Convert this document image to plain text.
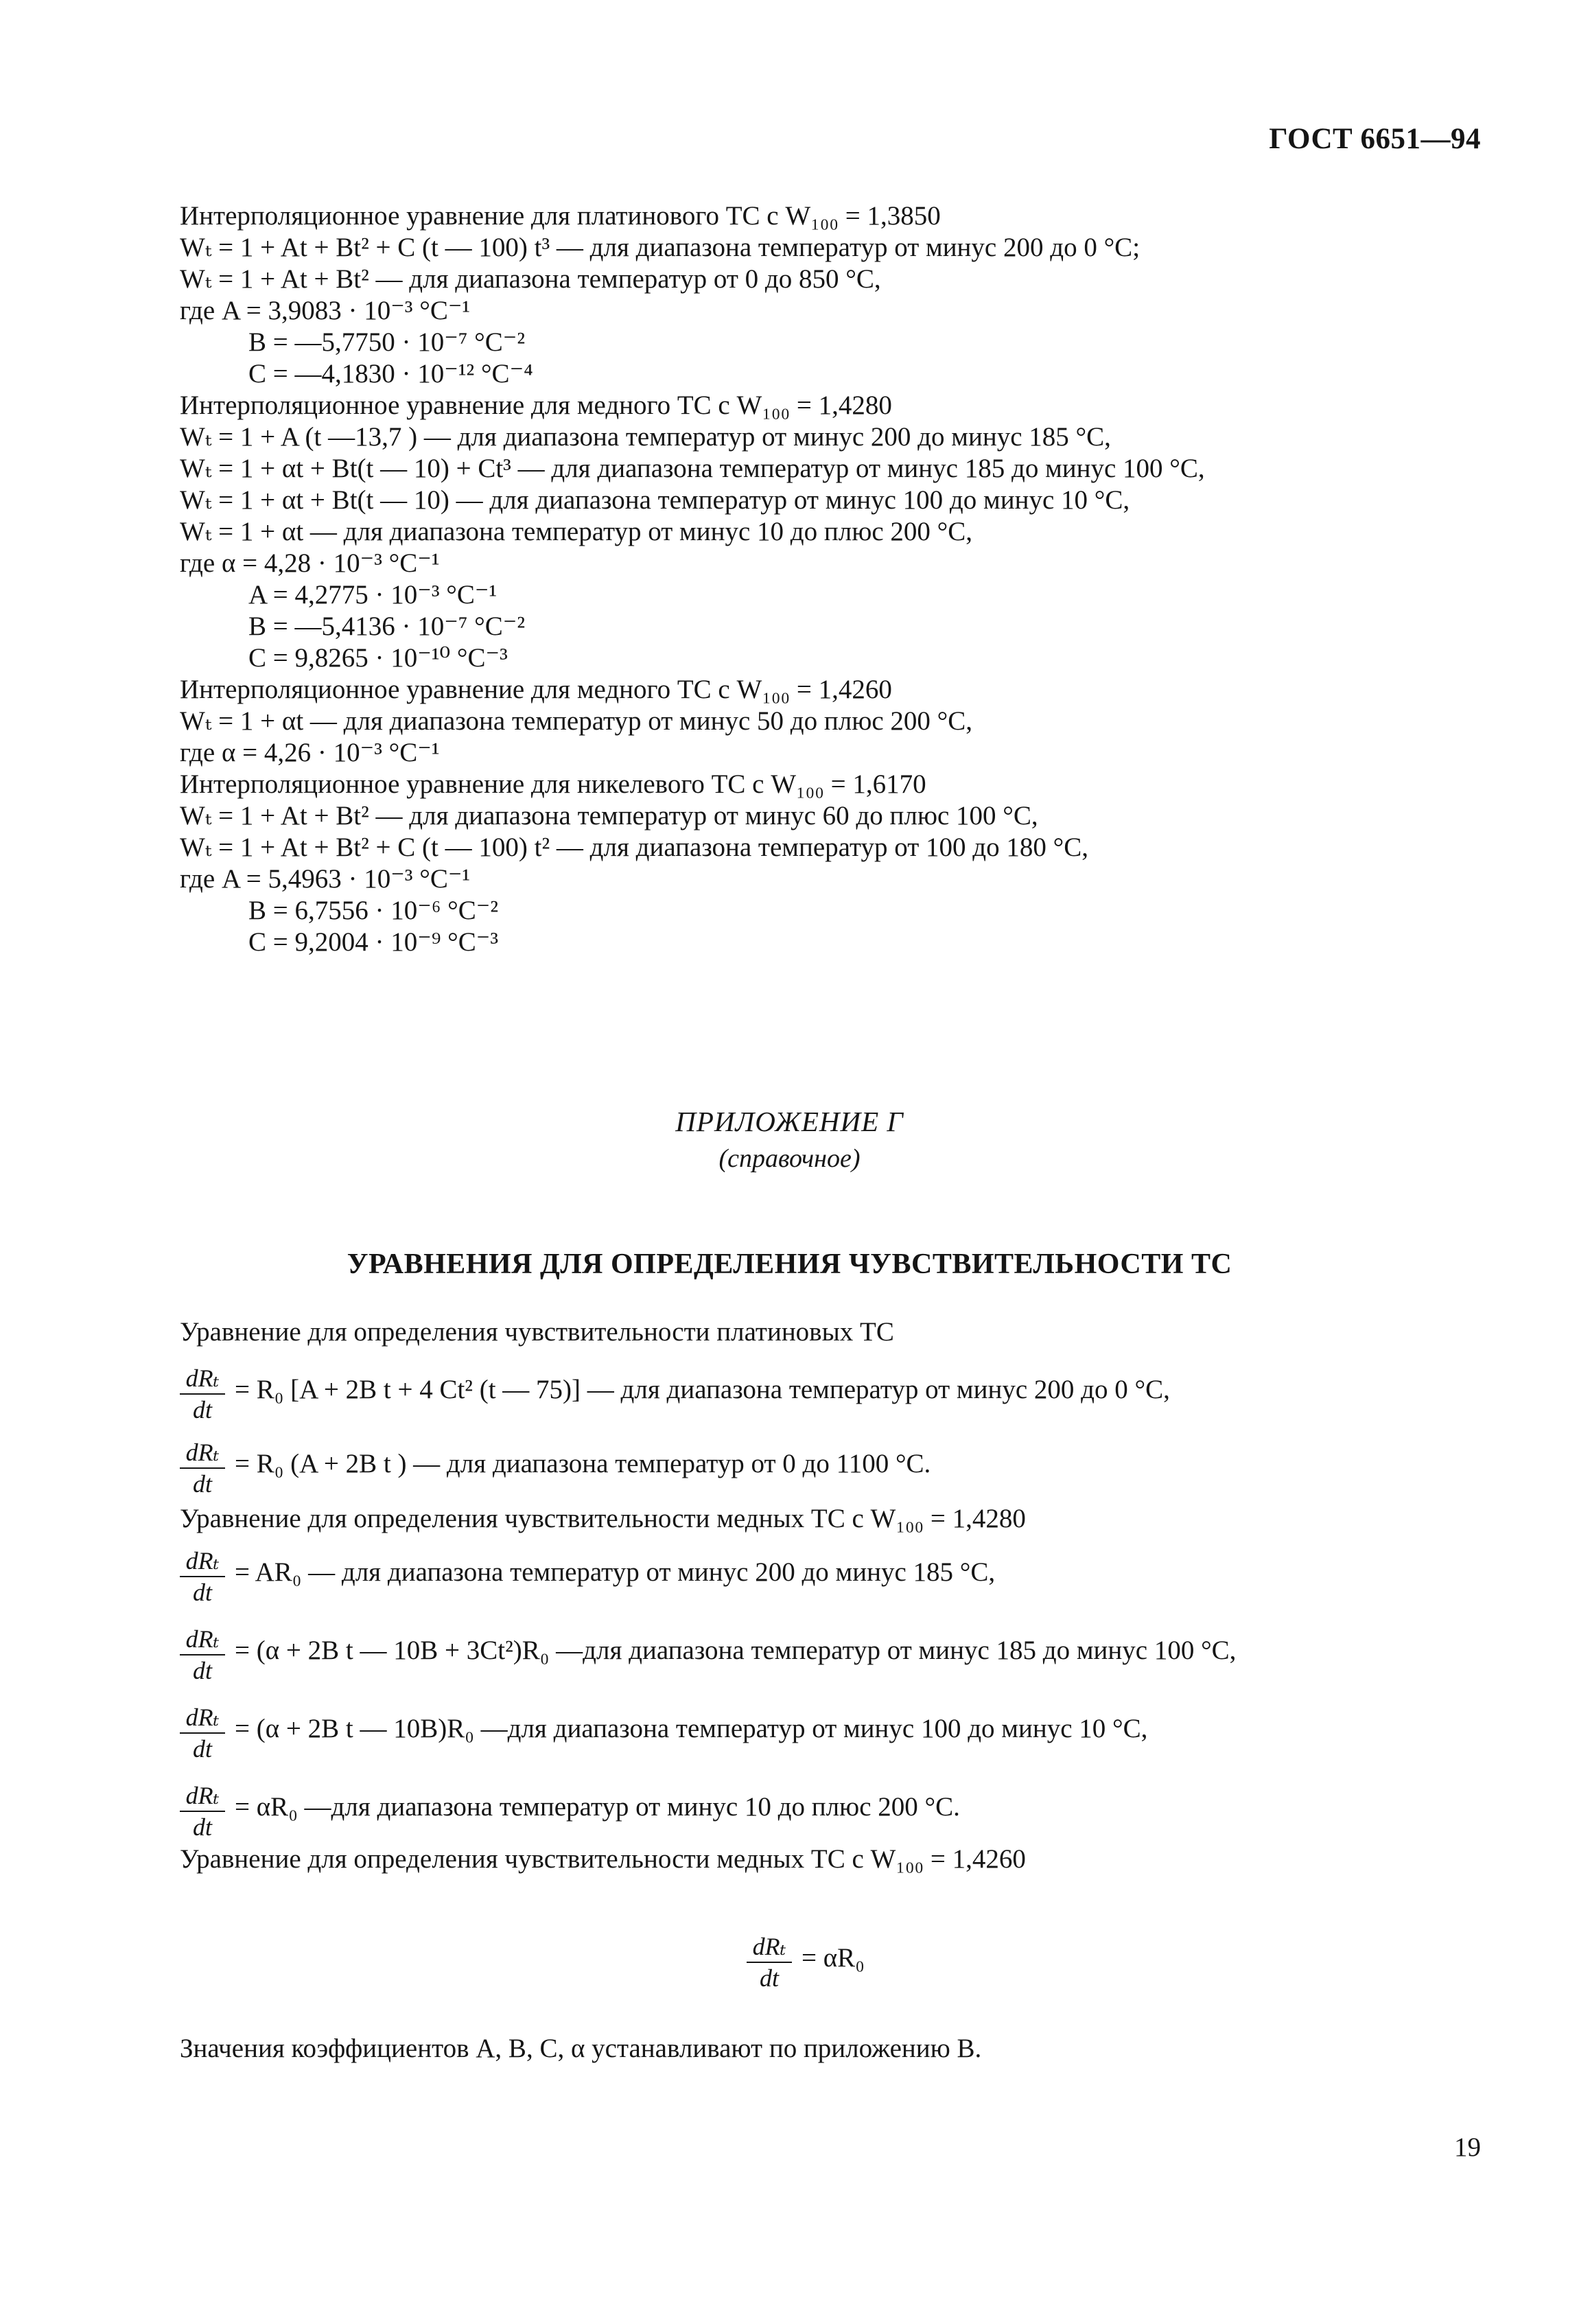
ГОСТ 6651—94
Интерполяционное уравнение для платинового ТС с W₁₀₀ = 1,3850
Wₜ = 1 + At + Bt² + C (t — 100) t³ — для диапазона температур от минус 200 до 0 °С;
Wₜ = 1 + At + Bt² — для диапазона температур от 0 до 850 °С,
где A = 3,9083 · 10⁻³ °С⁻¹
B = —5,7750 · 10⁻⁷ °С⁻²
C = —4,1830 · 10⁻¹² °С⁻⁴
Интерполяционное уравнение для медного ТС с W₁₀₀ = 1,4280
Wₜ = 1 + A (t —13,7 ) — для диапазона температур от минус 200 до минус 185 °С,
Wₜ = 1 + αt + Bt(t — 10) + Ct³ — для диапазона температур от минус 185 до минус 100 °С,
Wₜ = 1 + αt + Bt(t — 10) — для диапазона температур от минус 100 до минус 10 °С,
Wₜ = 1 + αt — для диапазона температур от минус 10 до плюс 200 °С,
где α = 4,28 · 10⁻³ °С⁻¹
A = 4,2775 · 10⁻³ °С⁻¹
B = —5,4136 · 10⁻⁷ °С⁻²
C = 9,8265 · 10⁻¹⁰ °С⁻³
Интерполяционное уравнение для медного ТС с W₁₀₀ = 1,4260
Wₜ = 1 + αt — для диапазона температур от минус 50 до плюс 200 °С,
где α = 4,26 · 10⁻³ °С⁻¹
Интерполяционное уравнение для никелевого ТС с W₁₀₀ = 1,6170
Wₜ = 1 + At + Bt² — для диапазона температур от минус 60 до плюс 100 °С,
Wₜ = 1 + At + Bt² + C (t — 100) t² — для диапазона температур от 100 до 180 °С,
где A = 5,4963 · 10⁻³ °С⁻¹
B = 6,7556 · 10⁻⁶ °С⁻²
C = 9,2004 · 10⁻⁹ °С⁻³
ПРИЛОЖЕНИЕ Г
(справочное)
УРАВНЕНИЯ ДЛЯ ОПРЕДЕЛЕНИЯ ЧУВСТВИТЕЛЬНОСТИ ТС
Уравнение для определения чувствительности платиновых ТС
dRₜ
dt
= R₀ [A + 2B t + 4 Ct² (t — 75)] — для диапазона температур от минус 200 до 0 °С,
dRₜ
dt
= R₀ (A + 2B t ) — для диапазона температур от 0 до 1100 °С.
Уравнение для определения чувствительности медных ТС с W₁₀₀ = 1,4280
dRₜ
dt
= AR₀ — для диапазона температур от минус 200 до минус 185 °С,
dRₜ
dt
= (α + 2B t — 10B + 3Ct²)R₀ —для диапазона температур от минус 185 до минус 100 °С,
dRₜ
dt
= (α + 2B t — 10B)R₀ —для диапазона температур от минус 100 до минус 10 °С,
dRₜ
dt
= αR₀ —для диапазона температур от минус 10 до плюс 200 °С.
Уравнение для определения чувствительности медных ТС с W₁₀₀ = 1,4260
dRₜ
dt
= αR₀
Значения коэффициентов A, B, C, α устанавливают по приложению В.
19
